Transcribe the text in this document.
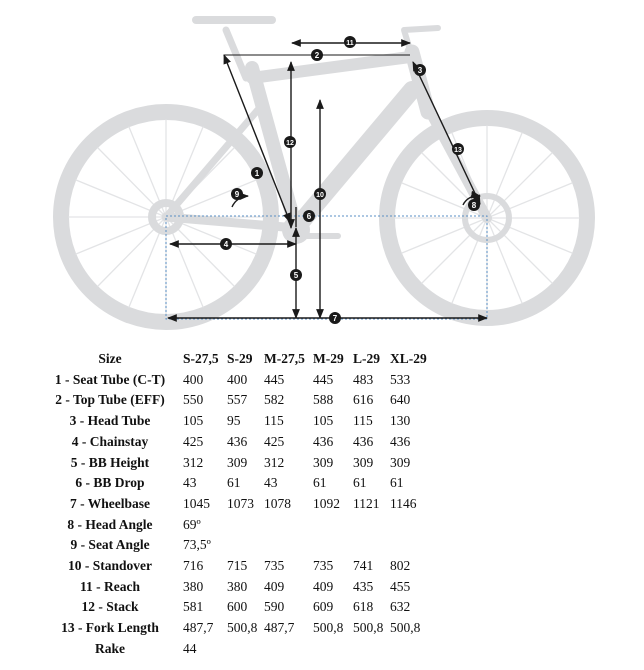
1
2
3
4
5
6
7
8
9	10
11
12
13
Size	S-27,5	S-29	M-27,5	M-29	L-29	XL-29
1 - Seat Tube (C-T)	400	400	445	445	483	533
2 - Top Tube (EFF)	550	557	582	588	616	640
3 - Head Tube	105	95	115	105	115	130
4 - Chainstay	425	436	425	436	436	436
5 - BB Height	312	309	312	309	309	309
6 - BB Drop	43	61	43	61	61	61
7 - Wheelbase	1045	1073	1078	1092	1121	1146
8 - Head Angle	69º					
9 - Seat Angle	73,5º					
10 - Standover	716	715	735	735	741	802
11 - Reach	380	380	409	409	435	455
12 - Stack	581	600	590	609	618	632
13 - Fork Length	487,7	500,8	487,7	500,8	500,8	500,8
Rake	44					
